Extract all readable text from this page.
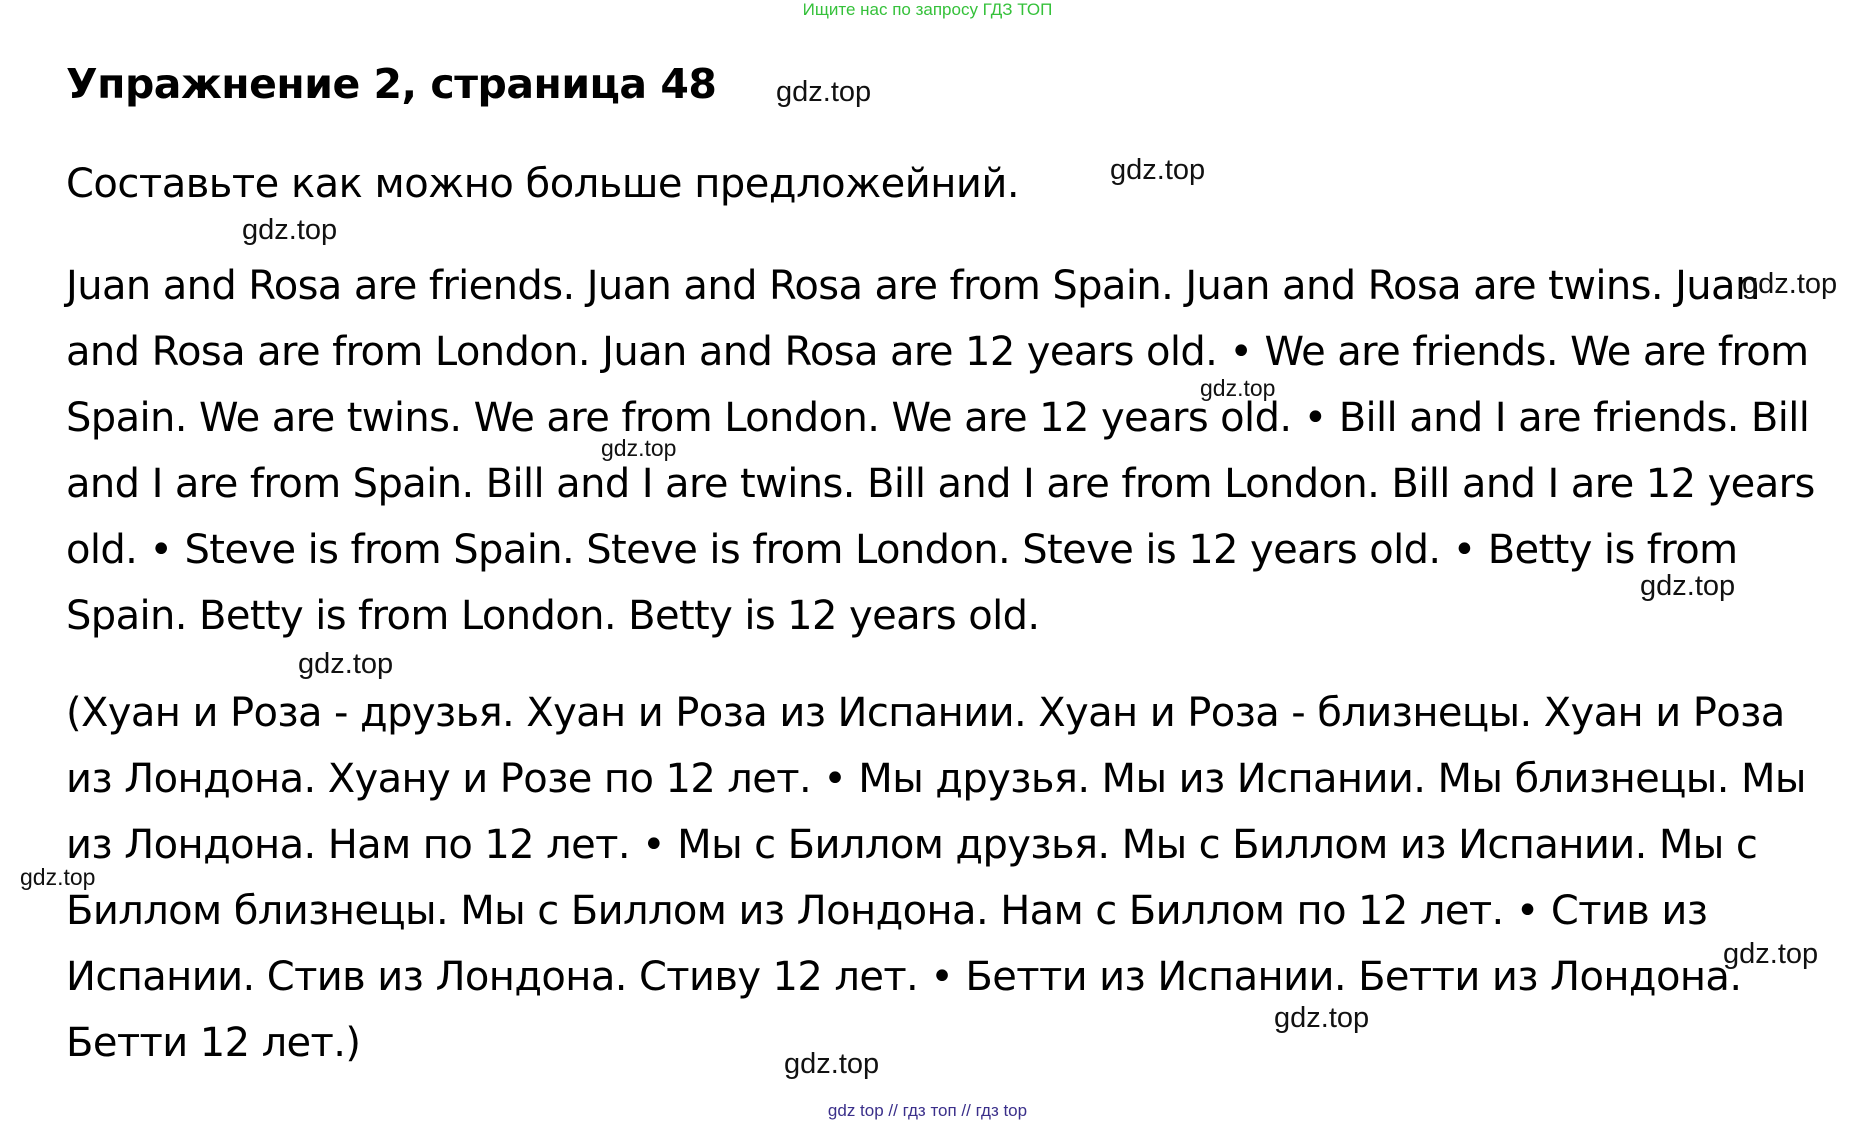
Ищите нас по запросу ГДЗ ТОП
Упражнение 2, страница 48

Составьте как можно больше предложейний.

Juan and Rosa are friends. Juan and Rosa are from Spain. Juan and Rosa are twins. Juan and Rosa are from London. Juan and Rosa are 12 years old. • We are friends. We are from Spain. We are twins. We are from London. We are 12 years old. • Bill and I are friends. Bill and I are from Spain. Bill and I are twins. Bill and I are from London. Bill and I are 12 years old. • Steve is from Spain. Steve is from London. Steve is 12 years old. • Betty is from Spain. Betty is from London. Betty is 12 years old.

(Хуан и Роза - друзья. Хуан и Роза из Испании. Хуан и Роза - близнецы. Хуан и Роза из Лондона. Хуану и Розе по 12 лет. • Мы друзья. Мы из Испании. Мы близнецы. Мы из Лондона. Нам по 12 лет. • Мы с Биллом друзья. Мы с Биллом из Испании. Мы с Биллом близнецы. Мы с Биллом из Лондона. Нам с Биллом по 12 лет. • Стив из Испании. Стив из Лондона. Стиву 12 лет. • Бетти из Испании. Бетти из Лондона. Бетти 12 лет.)

gdz.top
gdz.top
gdz.top
gdz.top
gdz.top
gdz.top
gdz.top
gdz.top
gdz.top
gdz.top
gdz.top
gdz.top
gdz top // гдз топ // гдз top
